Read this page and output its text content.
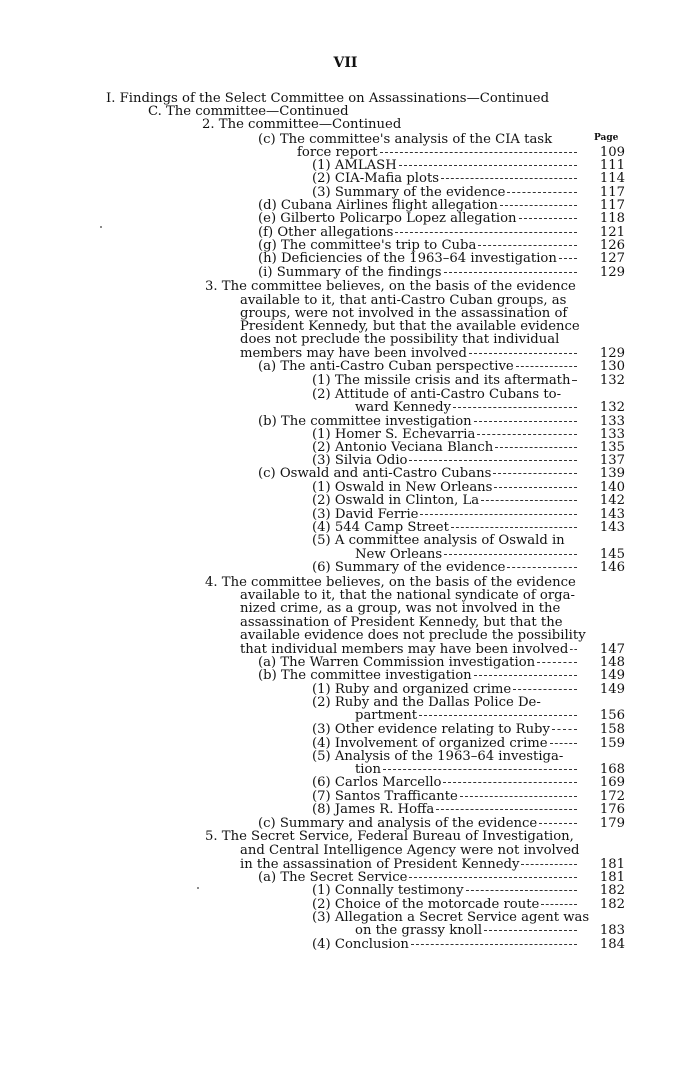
VII
Page
I. Findings of the Select Committee on Assassinations—Continued
C. The committee—Continued
2. The committee—Continued
(c) The committee's analysis of the CIA task
force report	109
(1) AMLASH	111
(2) CIA-Mafia plots	114
(3) Summary of the evidence	117
(d) Cubana Airlines flight allegation	117
(e) Gilberto Policarpo Lopez allegation	118
(f) Other allegations	121
(g) The committee's trip to Cuba	126
(h) Deficiencies of the 1963–64 investigation	127
(i) Summary of the findings	129
3. The committee believes, on the basis of the evidence
available to it, that anti-Castro Cuban groups, as
groups, were not involved in the assassination of
President Kennedy, but that the available evidence
does not preclude the possibility that individual
members may have been involved	129
(a) The anti-Castro Cuban perspective	130
(1) The missile crisis and its aftermath	132
(2) Attitude of anti-Castro Cubans to-
ward Kennedy	132
(b) The committee investigation	133
(1) Homer S. Echevarria	133
(2) Antonio Veciana Blanch	135
(3) Silvia Odio	137
(c) Oswald and anti-Castro Cubans	139
(1) Oswald in New Orleans	140
(2) Oswald in Clinton, La	142
(3) David Ferrie	143
(4) 544 Camp Street	143
(5) A committee analysis of Oswald in
New Orleans	145
(6) Summary of the evidence	146
4. The committee believes, on the basis of the evidence
available to it, that the national syndicate of orga-
nized crime, as a group, was not involved in the
assassination of President Kennedy, but that the
available evidence does not preclude the possibility
that individual members may have been involved	147
(a) The Warren Commission investigation	148
(b) The committee investigation	149
(1) Ruby and organized crime	149
(2) Ruby and the Dallas Police De-
partment	156
(3) Other evidence relating to Ruby	158
(4) Involvement of organized crime	159
(5) Analysis of the 1963–64 investiga-
tion	168
(6) Carlos Marcello	169
(7) Santos Trafficante	172
(8) James R. Hoffa	176
(c) Summary and analysis of the evidence	179
5. The Secret Service, Federal Bureau of Investigation,
and Central Intelligence Agency were not involved
in the assassination of President Kennedy	181
(a) The Secret Service	181
(1) Connally testimony	182
(2) Choice of the motorcade route	182
(3) Allegation a Secret Service agent was
on the grassy knoll	183
(4) Conclusion	184
